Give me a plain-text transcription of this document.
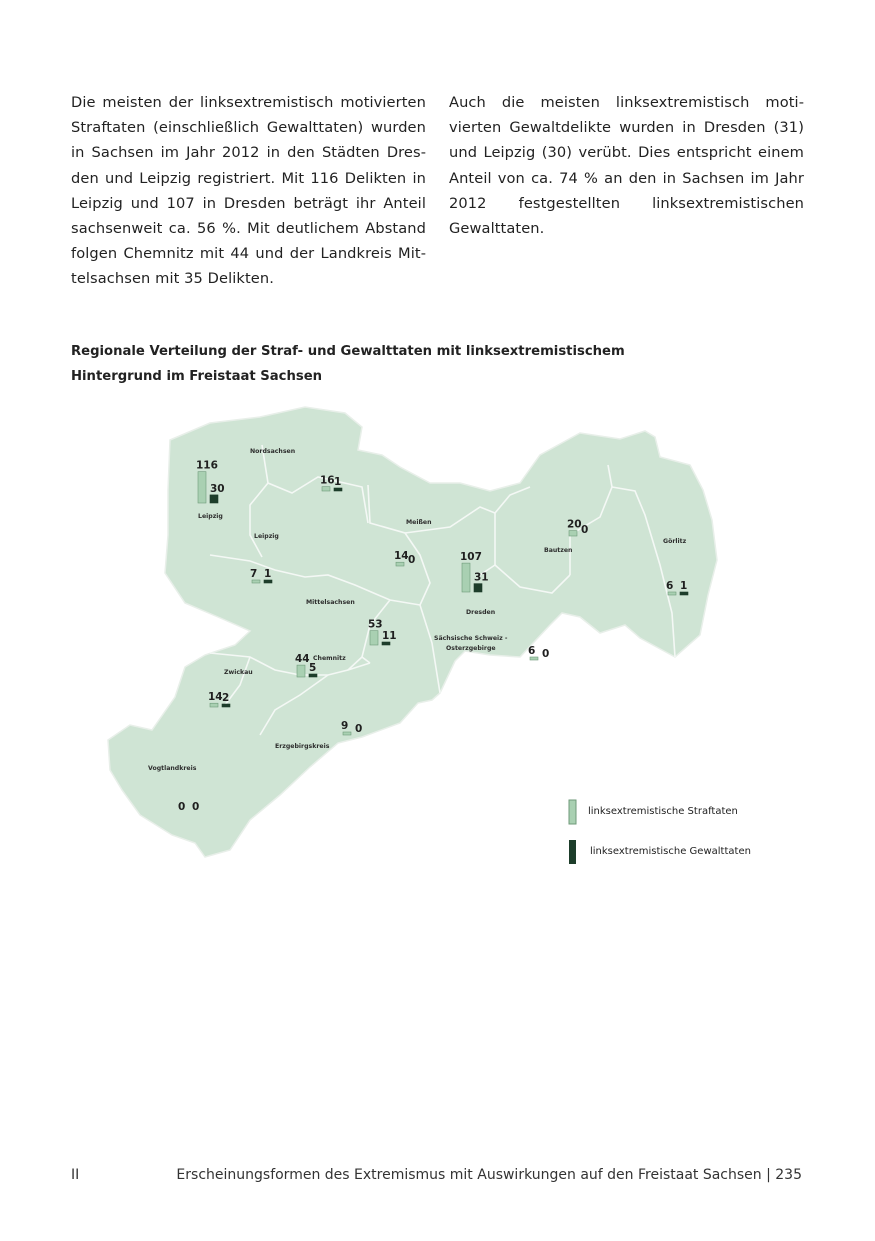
Die meisten der linksextremistisch motivierten Straftaten (einschließlich Gewalttaten) wurden in Sachsen im Jahr 2012 in den Städten Dresden und Leipzig registriert. Mit 116 Delikten in Leipzig und 107 in Dresden beträgt ihr Anteil sachsenweit ca. 56 %. Mit deutlichem Abstand folgen Chemnitz mit 44 und der Landkreis Mittelsachsen mit 35 Delikten.
Auch die meisten linksextremistisch motivierten Gewaltdelikte wurden in Dresden (31) und Leipzig (30) verübt. Dies entspricht einem Anteil von ca. 74 % an den in Sachsen im Jahr 2012 festgestellten linksextremistischen Gewalttaten.
Regionale Verteilung der Straf- und Gewalttaten mit linksextremistischem
Hintergrund im Freistaat Sachsen
Nordsachsen
Leipzig
Leipzig
Meißen
Dresden
Bautzen
Görlitz
Mittelsachsen
Chemnitz
Sächsische Schweiz -
Osterzgebirge
Zwickau
Erzgebirgskreis
Vogtlandkreis
16 1
116
30
7 1
14 0	107
31
20 0
6 1
53
11
44
5
6 0
14 2
9 0
0 0	linksextremistische Straftaten
linksextremistische Gewalttaten
II	Erscheinungsformen des Extremismus mit Auswirkungen auf den Freistaat Sachsen | 235
